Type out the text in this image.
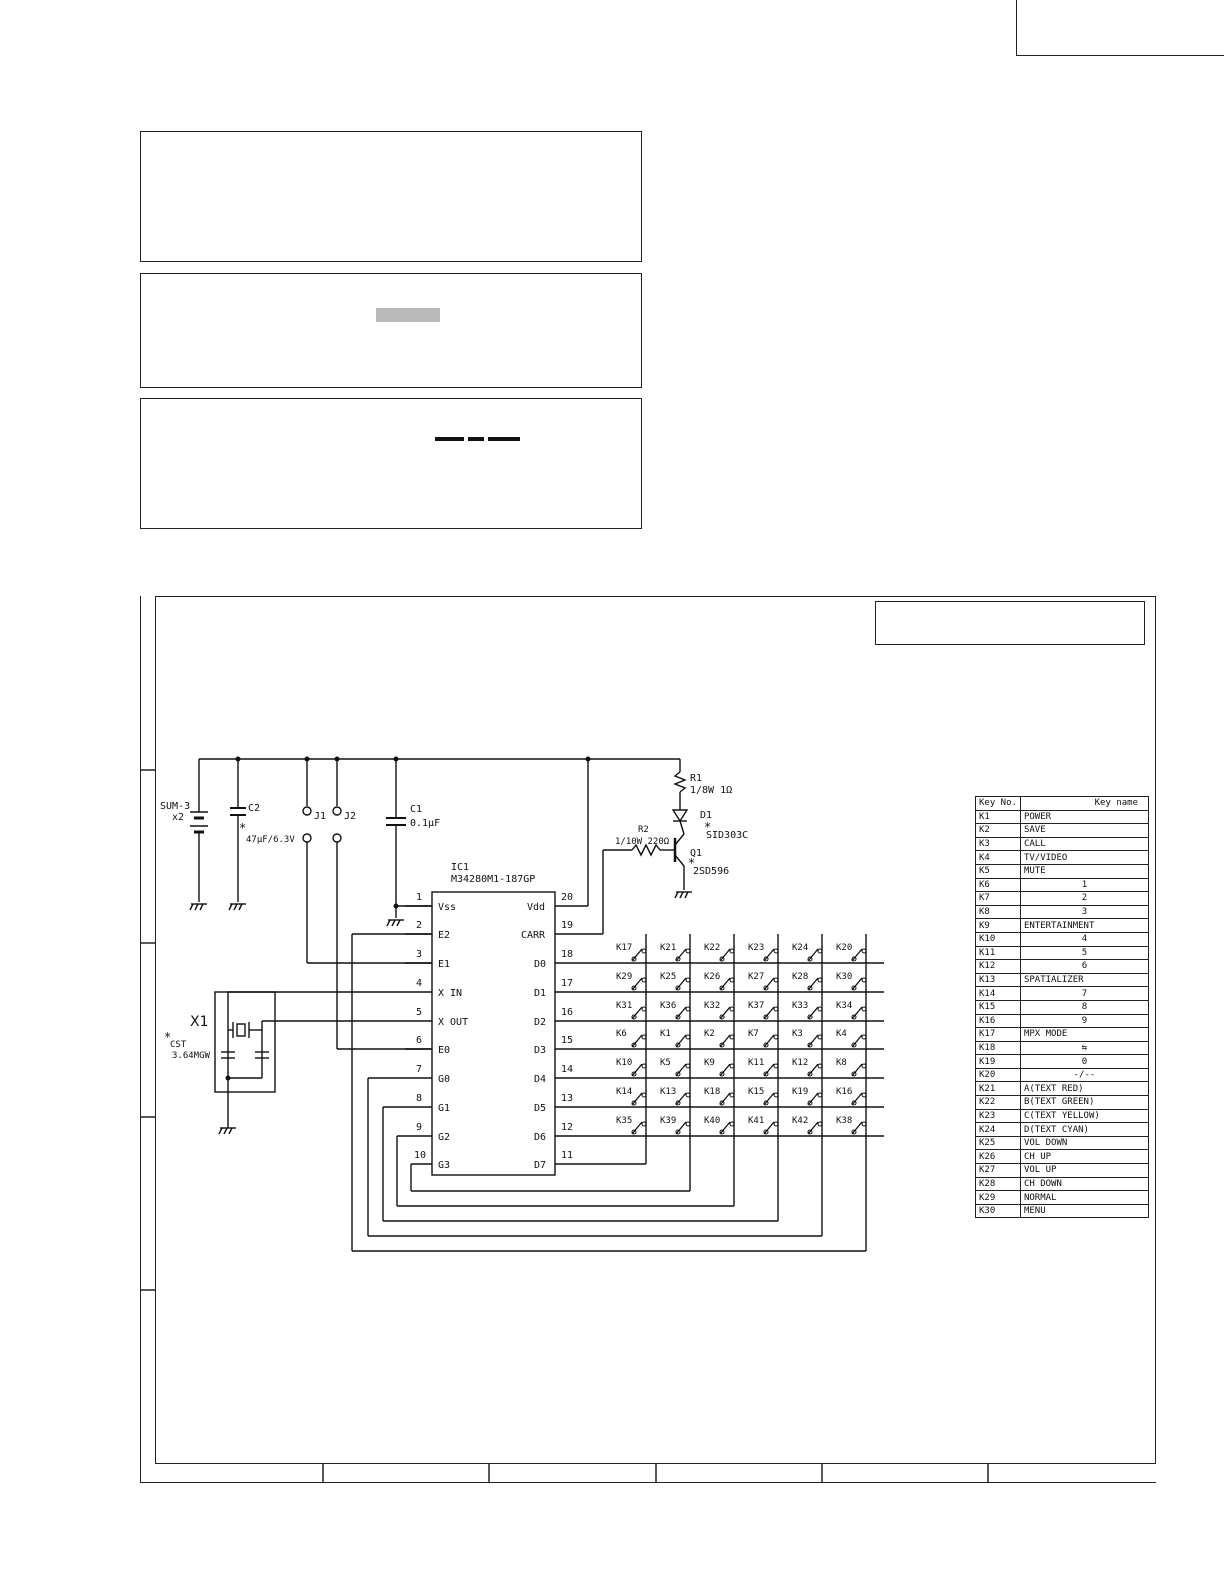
SUM-3
x2
C2
*
47μF/6.3V
J1 J2
C1
0.1μF
IC1
M34280M1-187GP
R1
1/8W 1Ω
D1
*
SID303C
R2
1/10W 220Ω
Q1
*
2SD596
X1
*
CST
3.64MGW
1
Vss
2
E2
3
E1
4
X IN
5
X OUT
6
E0
7
G0
8
G1
9
G2
10
G3
20
Vdd
19
CARR
18
D0
17
D1
16
D2
15
D3
14
D4
13
D5
12
D6
11
D7
K17	K21	K22	K23	K24	K20
K29	K25	K26	K27	K28	K30
K31	K36	K32	K37	K33	K34
K6	K1	K2	K7	K3	K4
K10	K5	K9	K11	K12	K8
K14	K13	K18	K15	K19	K16
K35	K39	K40	K41	K42	K38
Key No.	Key name
K1	POWER
K2	SAVE
K3	CALL
K4	TV/VIDEO
K5	MUTE
K6	1
K7	2
K8	3
K9	ENTERTAINMENT
K10	4
K11	5
K12	6
K13	SPATIALIZER
K14	7
K15	8
K16	9
K17	MPX MODE
K18	⇆
K19	0
K20	-/--
K21	A(TEXT RED)
K22	B(TEXT GREEN)
K23	C(TEXT YELLOW)
K24	D(TEXT CYAN)
K25	VOL DOWN
K26	CH UP
K27	VOL UP
K28	CH DOWN
K29	NORMAL
K30	MENU
